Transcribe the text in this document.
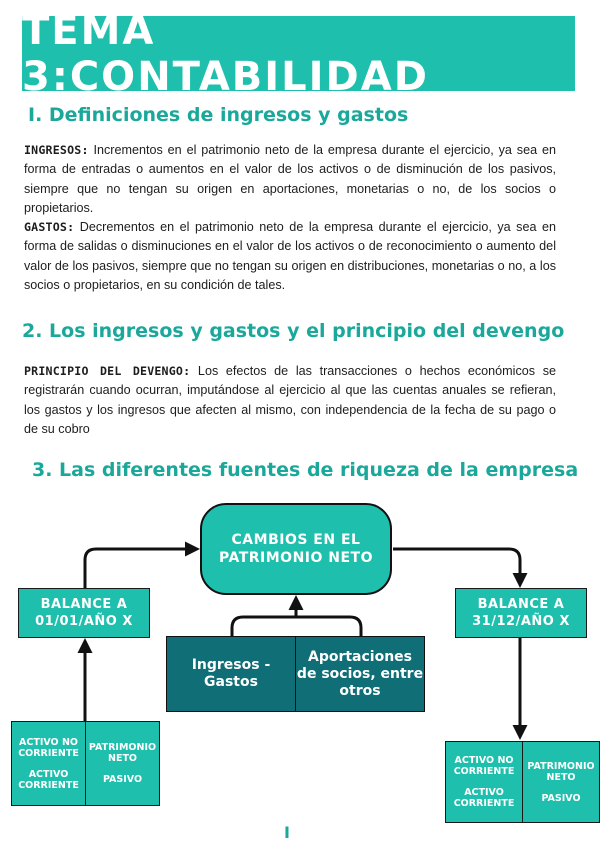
TEMA 3:CONTABILIDAD
I. Definiciones de ingresos y gastos

INGRESOS: Incrementos en el patrimonio neto de la empresa durante el ejercicio, ya sea en forma de entradas o aumentos en el valor de los activos o de disminución de los pasivos, siempre que no tengan su origen en aportaciones, monetarias o no, de los socios o propietarios.

GASTOS: Decrementos en el patrimonio neto de la empresa durante el ejercicio, ya sea en forma de salidas o disminuciones en el valor de los activos o de reconocimiento o aumento del valor de los pasivos, siempre que no tengan su origen en distribuciones, monetarias o no, a los socios o propietarios, en su condición de tales.

2. Los ingresos y gastos y el principio del devengo

PRINCIPIO DEL DEVENGO: Los efectos de las transacciones o hechos económicos se registrarán cuando ocurran, imputándose al ejercicio al que las cuentas anuales se refieran, los gastos y los ingresos que afecten al mismo, con independencia de la fecha de su pago o de su cobro

3. Las diferentes fuentes de riqueza de la empresa
CAMBIOS EN EL PATRIMONIO NETO
BALANCE A 01/01/AÑO X
BALANCE A 31/12/AÑO X
Ingresos - Gastos
Aportaciones de socios, entre otros
ACTIVO NO CORRIENTE
ACTIVO CORRIENTE
PATRIMONIO NETO
PASIVO
ACTIVO NO CORRIENTE
ACTIVO CORRIENTE
PATRIMONIO NETO
PASIVO
I
